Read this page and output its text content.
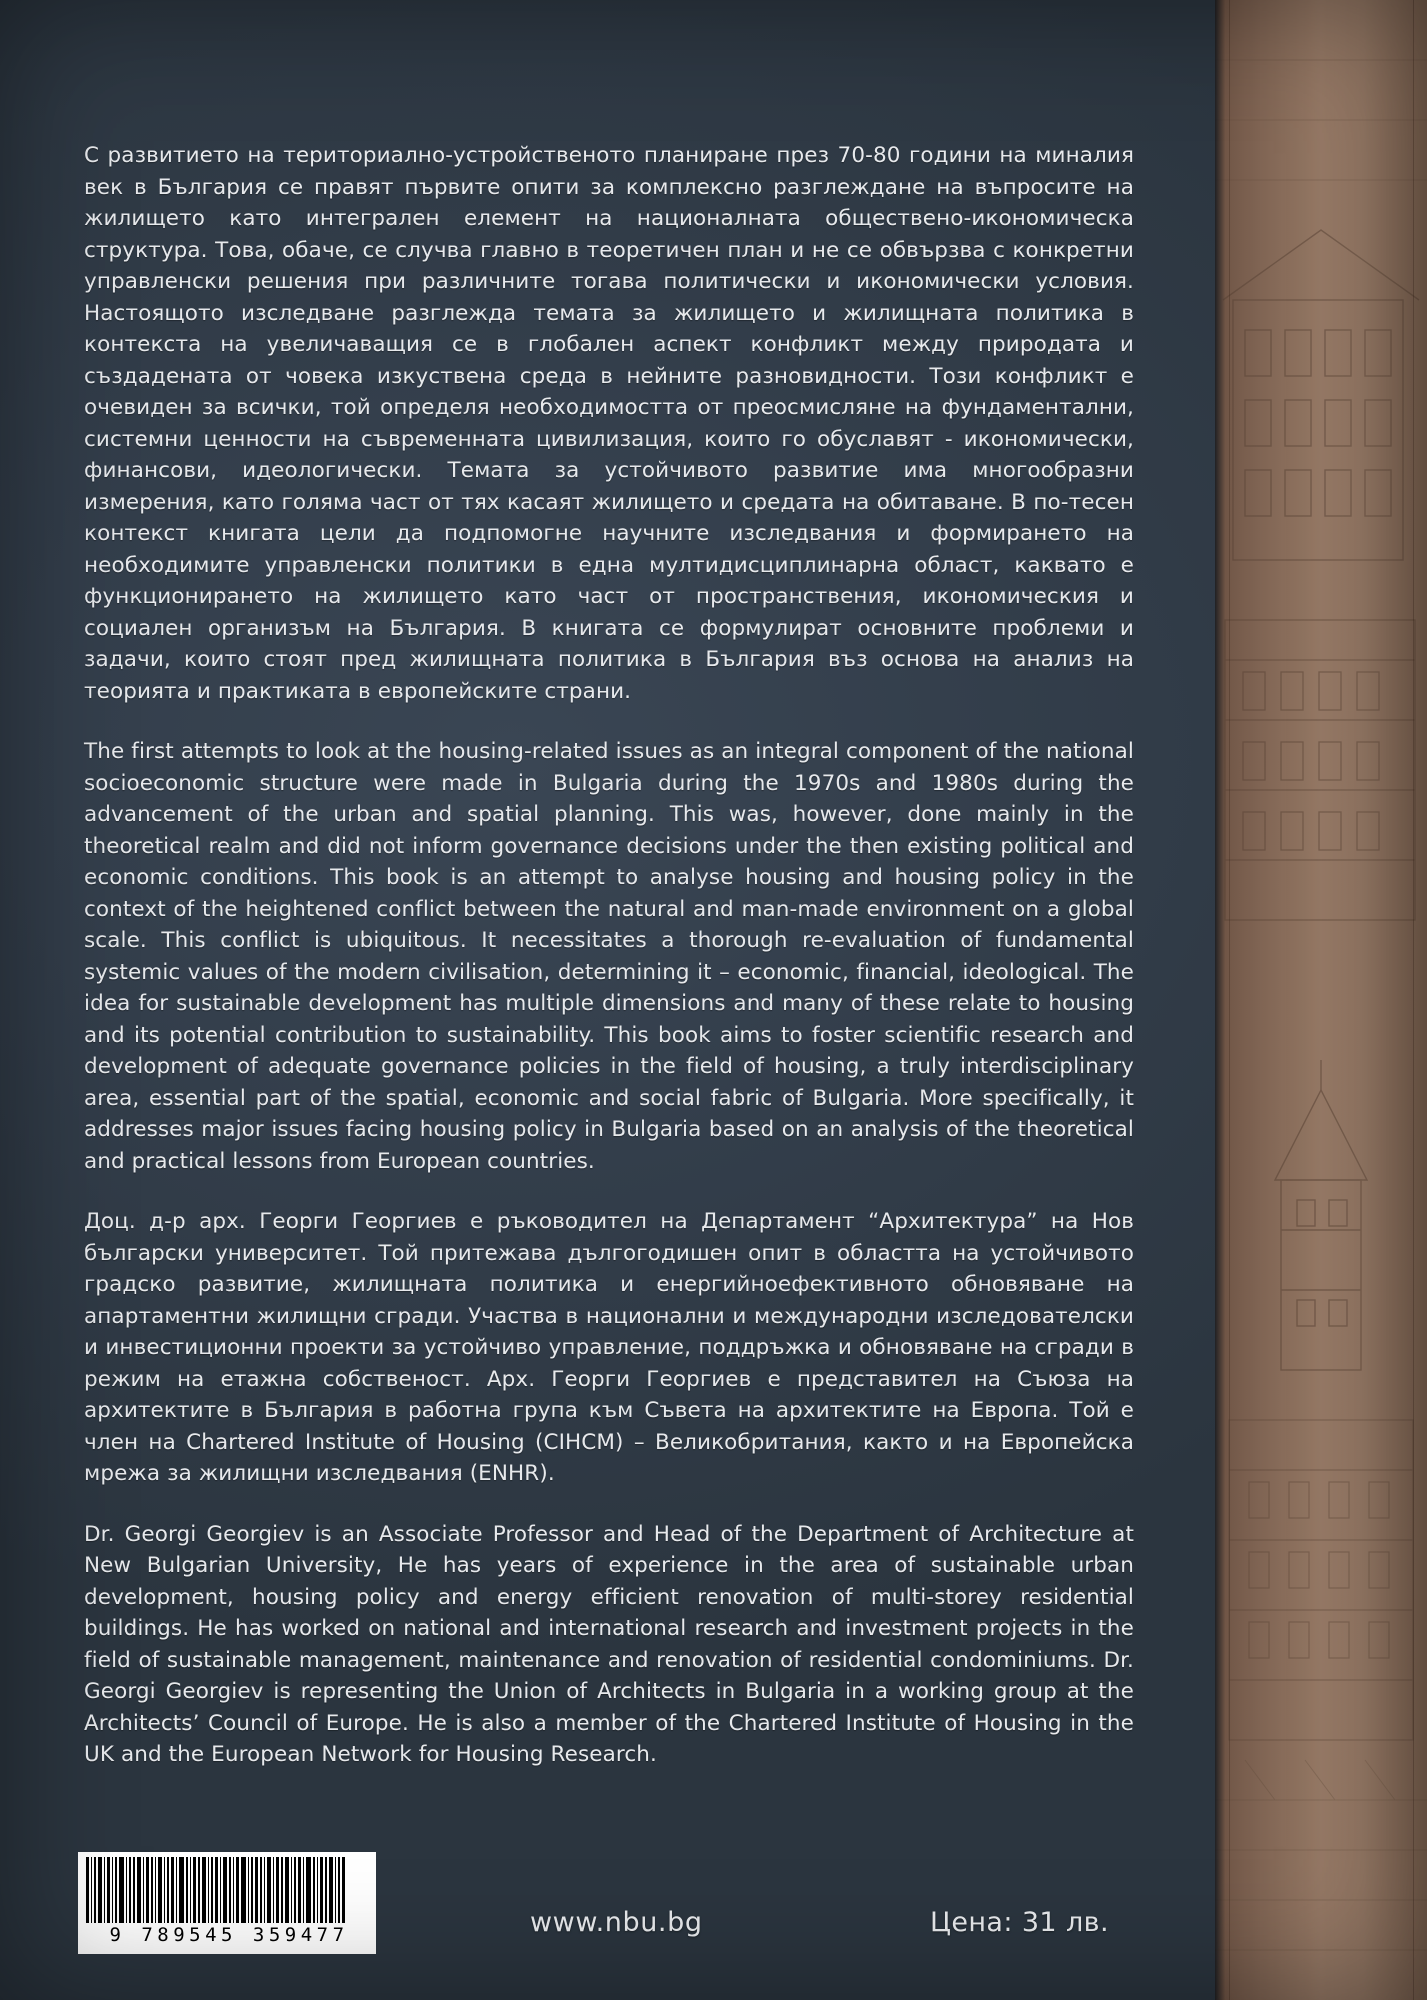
С развитието на териториално-устройственото планиране през 70-80 години на миналия век в България се правят първите опити за комплексно разглеждане на въпросите на жилището като интегрален елемент на националната обществено-икономическа структура. Това, обаче, се случва главно в теоретичен план и не се обвързва с конкретни управленски решения при различните тогава политически и икономически условия. Настоящото изследване разглежда темата за жилището и жилищната политика в контекста на увеличаващия се в глобален аспект конфликт между природата и създадената от човека изкуствена среда в нейните разновидности. Този конфликт е очевиден за всички, той определя необходимостта от преосмисляне на фундаментални, системни ценности на съвременната цивилизация, които го обуславят - икономически, финансови, идеологически. Темата за устойчивото развитие има многообразни измерения, като голяма част от тях касаят жилището и средата на обитаване. В по-тесен контекст книгата цели да подпомогне научните изследвания и формирането на необходимите управленски политики в една мултидисциплинарна област, каквато е функционирането на жилището като част от пространствения, икономическия и социален организъм на България. В книгата се формулират основните проблеми и задачи, които стоят пред жилищната политика в България въз основа на анализ на теорията и практиката в европейските страни.

The first attempts to look at the housing-related issues as an integral component of the national socioeconomic structure were made in Bulgaria during the 1970s and 1980s during the advancement of the urban and spatial planning. This was, however, done mainly in the theoretical realm and did not inform governance decisions under the then existing political and economic conditions. This book is an attempt to analyse housing and housing policy in the context of the heightened conflict between the natural and man-made environment on a global scale. This conflict is ubiquitous. It necessitates a thorough re-evaluation of fundamental systemic values of the modern civilisation, determining it – economic, financial, ideological. The idea for sustainable development has multiple dimensions and many of these relate to housing and its potential contribution to sustainability. This book aims to foster scientific research and development of adequate governance policies in the field of housing, a truly interdisciplinary area, essential part of the spatial, economic and social fabric of Bulgaria. More specifically, it addresses major issues facing housing policy in Bulgaria based on an analysis of the theoretical and practical lessons from European countries.

Доц. д-р арх. Георги Георгиев е ръководител на Департамент “Архитектура” на Нов български университет. Той притежава дългогодишен опит в областта на устойчивото градско развитие, жилищната политика и енергийноефективното обновяване на апартаментни жилищни сгради. Участва в национални и международни изследователски и инвестиционни проекти за устойчиво управление, поддръжка и обновяване на сгради в режим на етажна собственост. Арх. Георги Георгиев е представител на Съюза на архитектите в България в работна група към Съвета на архитектите на Европа. Той е член на Chartered Institute of Housing (CIHCM) – Великобритания, както и на Европейска мрежа за жилищни изследвания (ENHR).

Dr. Georgi Georgiev is an Associate Professor and Head of the Department of Architecture at New Bulgarian University, He has years of experience in the area of sustainable urban development, housing policy and energy efficient renovation of multi-storey residential buildings. He has worked on national and international research and investment projects in the field of sustainable management, maintenance and renovation of residential condominiums. Dr. Georgi Georgiev is representing the Union of Architects in Bulgaria in a working group at the Architects’ Council of Europe. He is also a member of the Chartered Institute of Housing in the UK and the European Network for Housing Research.

9 789545 359477	www.nbu.bg	Цена: 31 лв.
